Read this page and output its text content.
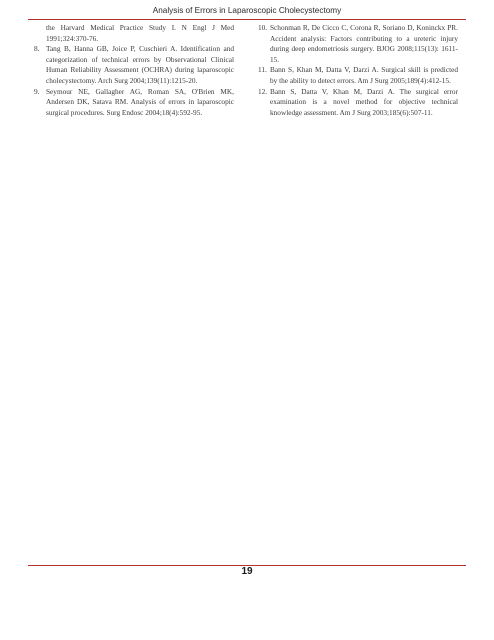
Analysis of Errors in Laparoscopic Cholecystectomy
the Harvard Medical Practice Study I. N Engl J Med 1991;324:370-76.
8. Tang B, Hanna GB, Joice P, Cuschieri A. Identification and categorization of technical errors by Observational Clinical Human Reliability Assessment (OCHRA) during laparoscopic cholecystectomy. Arch Surg 2004;139(11):1215-20.
9. Seymour NE, Gallagher AG, Roman SA, O'Brien MK, Andersen DK, Satava RM. Analysis of errors in laparoscopic surgical procedures. Surg Endosc 2004;18(4):592-95.
10. Schonman R, De Cicco C, Corona R, Soriano D, Koninckx PR. Accident analysis: Factors contributing to a ureteric injury during deep endometriosis surgery. BJOG 2008;115(13): 1611-15.
11. Bann S, Khan M, Datta V, Darzi A. Surgical skill is predicted by the ability to detect errors. Am J Surg 2005;189(4):412-15.
12. Bann S, Datta V, Khan M, Darzi A. The surgical error examination is a novel method for objective technical knowledge assessment. Am J Surg 2003;185(6):507-11.
19
